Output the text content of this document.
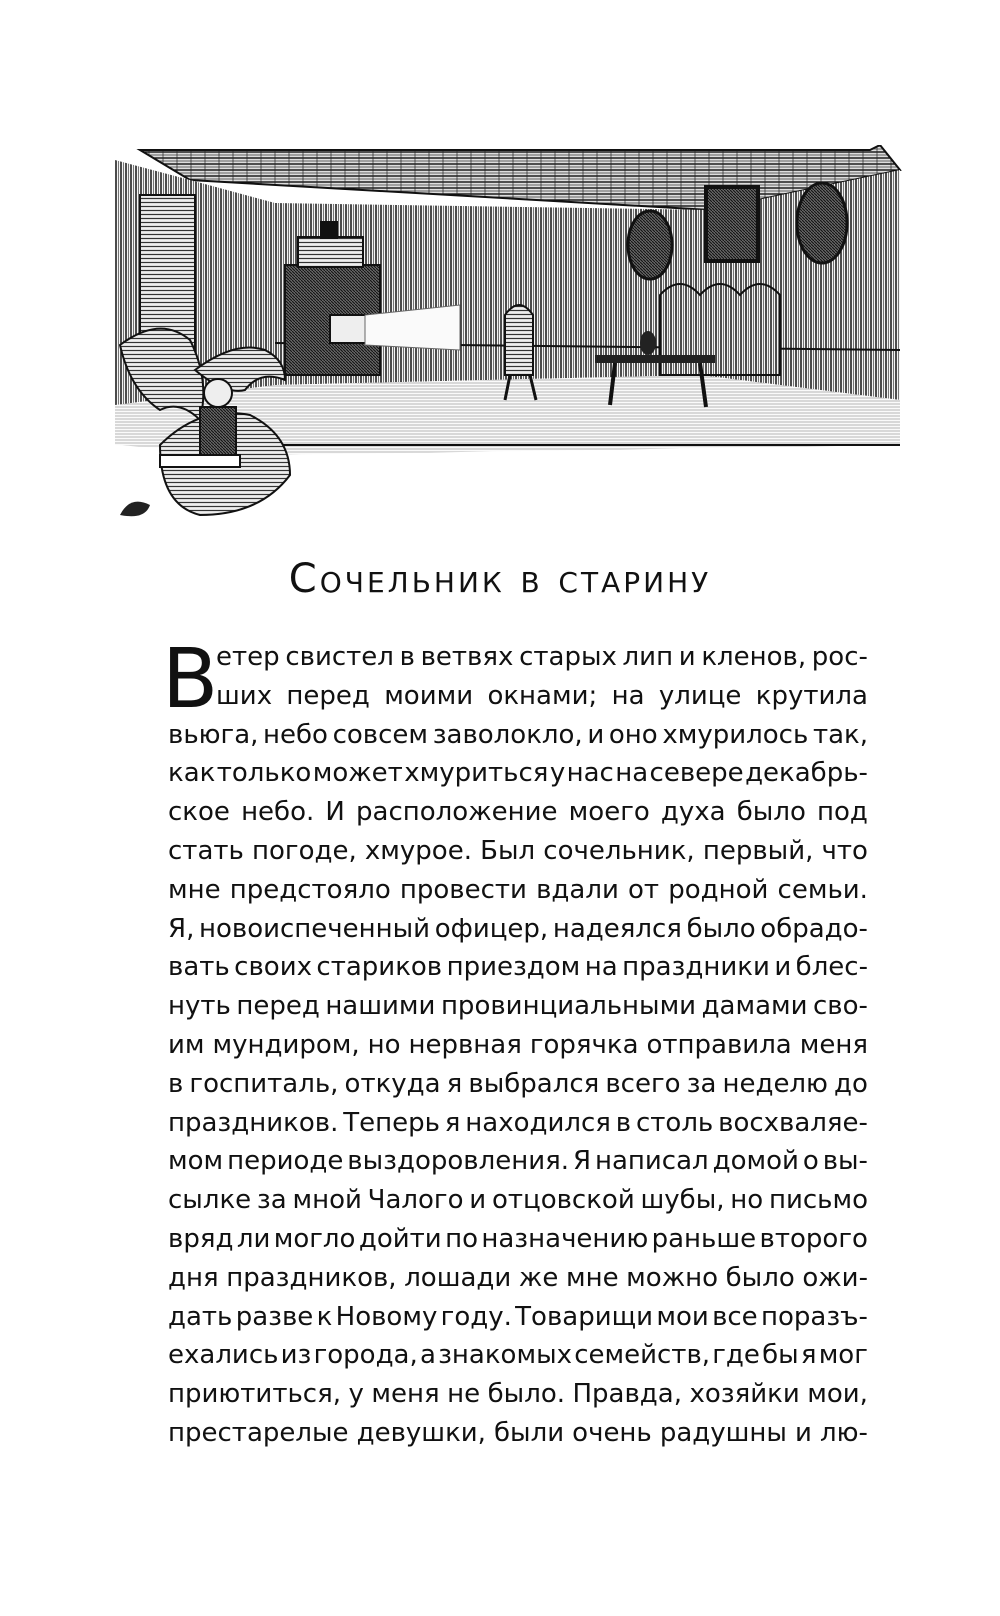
Сочельник в старину
В
етер свистел в ветвях старых лип и кленов, рос-
ших перед моими окнами; на улице крутила
вьюга, небо совсем заволокло, и оно хмурилось так,
как только может хмуриться у нас на севере декабрь-
ское небо. И расположение моего духа было под
стать погоде, хмурое. Был сочельник, первый, что
мне предстояло провести вдали от родной семьи.
Я, новоиспеченный офицер, надеялся было обрадо-
вать своих стариков приездом на праздники и блес-
нуть перед нашими провинциальными дамами сво-
им мундиром, но нервная горячка отправила меня
в госпиталь, откуда я выбрался всего за неделю до
праздников. Теперь я находился в столь восхваляе-
мом периоде выздоровления. Я написал домой о вы-
сылке за мной Чалого и отцовской шубы, но письмо
вряд ли могло дойти по назначению раньше второго
дня праздников, лошади же мне можно было ожи-
дать разве к Новому году. Товарищи мои все поразъ-
ехались из города, а знакомых семейств, где бы я мог
приютиться, у меня не было. Правда, хозяйки мои,
престарелые девушки, были очень радушны и лю-
